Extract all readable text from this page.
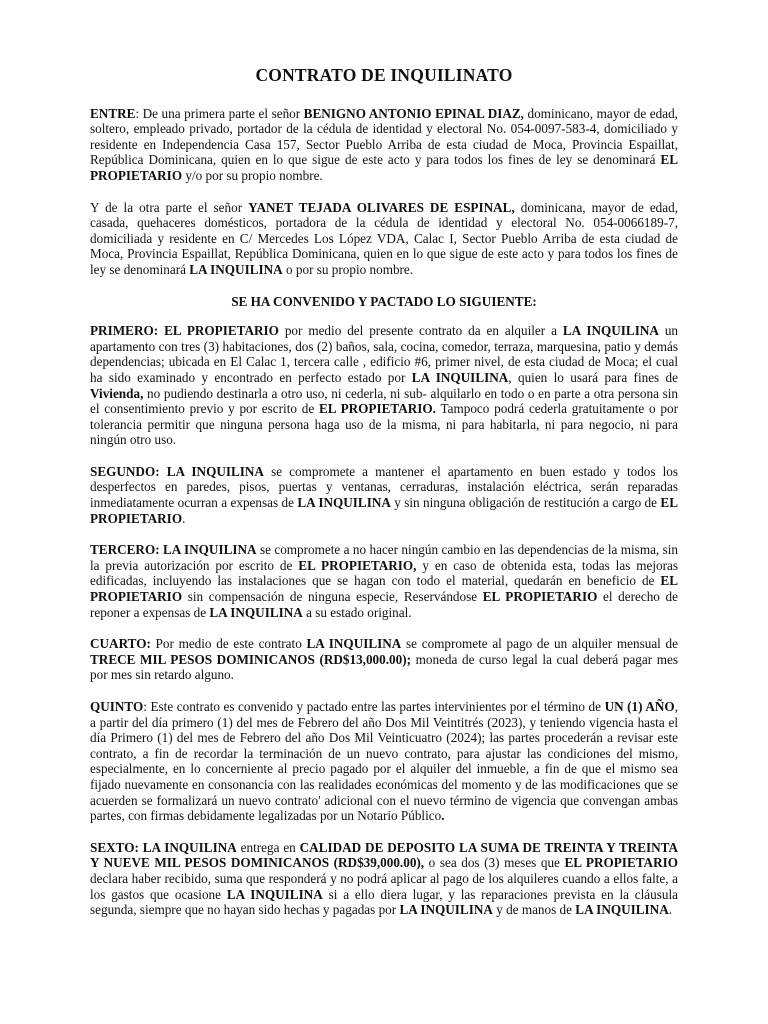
CONTRATO DE INQUILINATO

ENTRE: De una primera parte el señor BENIGNO ANTONIO EPINAL DIAZ, dominicano, mayor de edad, soltero, empleado privado, portador de la cédula de identidad y electoral No. 054-0097-583-4, domiciliado y residente en Independencia Casa 157, Sector Pueblo Arriba de esta ciudad de Moca, Provincia Espaillat, República Dominicana, quien en lo que sigue de este acto y para todos los fines de ley se denominará EL PROPIETARIO y/o por su propio nombre.

Y de la otra parte el señor YANET TEJADA OLIVARES DE ESPINAL, dominicana, mayor de edad, casada, quehaceres domésticos, portadora de la cédula de identidad y electoral No. 054-0066189-7, domiciliada y residente en C/ Mercedes Los López VDA, Calac I, Sector Pueblo Arriba de esta ciudad de Moca, Provincia Espaillat, República Dominicana, quien en lo que sigue de este acto y para todos los fines de ley se denominará LA INQUILINA o por su propio nombre.

SE HA CONVENIDO Y PACTADO LO SIGUIENTE:

PRIMERO: EL PROPIETARIO por medio del presente contrato da en alquiler a LA INQUILINA un apartamento con tres (3) habitaciones, dos (2) baños, sala, cocina, comedor, terraza, marquesina, patio y demás dependencias; ubicada en El Calac 1, tercera calle , edificio #6, primer nivel, de esta ciudad de Moca; el cual ha sido examinado y encontrado en perfecto estado por LA INQUILINA, quien lo usará para fines de Vivienda, no pudiendo destinarla a otro uso, ni cederla, ni sub- alquilarlo en todo o en parte a otra persona sin el consentimiento previo y por escrito de EL PROPIETARIO. Tampoco podrá cederla gratuitamente o por tolerancia permitir que ninguna persona haga uso de la misma, ni para habitarla, ni para negocio, ni para ningún otro uso.

SEGUNDO: LA INQUILINA se compromete a mantener el apartamento en buen estado y todos los desperfectos en paredes, pisos, puertas y ventanas, cerraduras, instalación eléctrica, serán reparadas inmediatamente ocurran a expensas de LA INQUILINA y sin ninguna obligación de restitución a cargo de EL PROPIETARIO.

TERCERO: LA INQUILINA se compromete a no hacer ningún cambio en las dependencias de la misma, sin la previa autorización por escrito de EL PROPIETARIO, y en caso de obtenida esta, todas las mejoras edificadas, incluyendo las instalaciones que se hagan con todo el material, quedarán en beneficio de EL PROPIETARIO sin compensación de ninguna especie, Reservándose EL PROPIETARIO el derecho de reponer a expensas de LA INQUILINA a su estado original.

CUARTO: Por medio de este contrato LA INQUILINA se compromete al pago de un alquiler mensual de TRECE MIL PESOS DOMINICANOS (RD$13,000.00); moneda de curso legal la cual deberá pagar mes por mes sin retardo alguno.

QUINTO: Este contrato es convenido y pactado entre las partes intervinientes por el término de UN (1) AÑO, a partir del día primero (1) del mes de Febrero del año Dos Mil Veintitrés (2023), y teniendo vigencia hasta el día Primero (1) del mes de Febrero del año Dos Mil Veinticuatro (2024); las partes procederán a revisar este contrato, a fin de recordar la terminación de un nuevo contrato, para ajustar las condiciones del mismo, especialmente, en lo concerniente al precio pagado por el alquiler del inmueble, a fin de que el mismo sea fijado nuevamente en consonancia con las realidades económicas del momento y de las modificaciones que se acuerden se formalizará un nuevo contrato' adicional con el nuevo término de vigencia que convengan ambas partes, con firmas debidamente legalizadas por un Notario Público.

SEXTO: LA INQUILINA entrega en CALIDAD DE DEPOSITO LA SUMA DE TREINTA Y TREINTA Y NUEVE MIL PESOS DOMINICANOS (RD$39,000.00), o sea dos (3) meses que EL PROPIETARIO declara haber recibido, suma que responderá y no podrá aplicar al pago de los alquileres cuando a ellos falte, a los gastos que ocasione LA INQUILINA si a ello diera lugar, y las reparaciones prevista en la cláusula segunda, siempre que no hayan sido hechas y pagadas por LA INQUILINA y de manos de LA INQUILINA.
